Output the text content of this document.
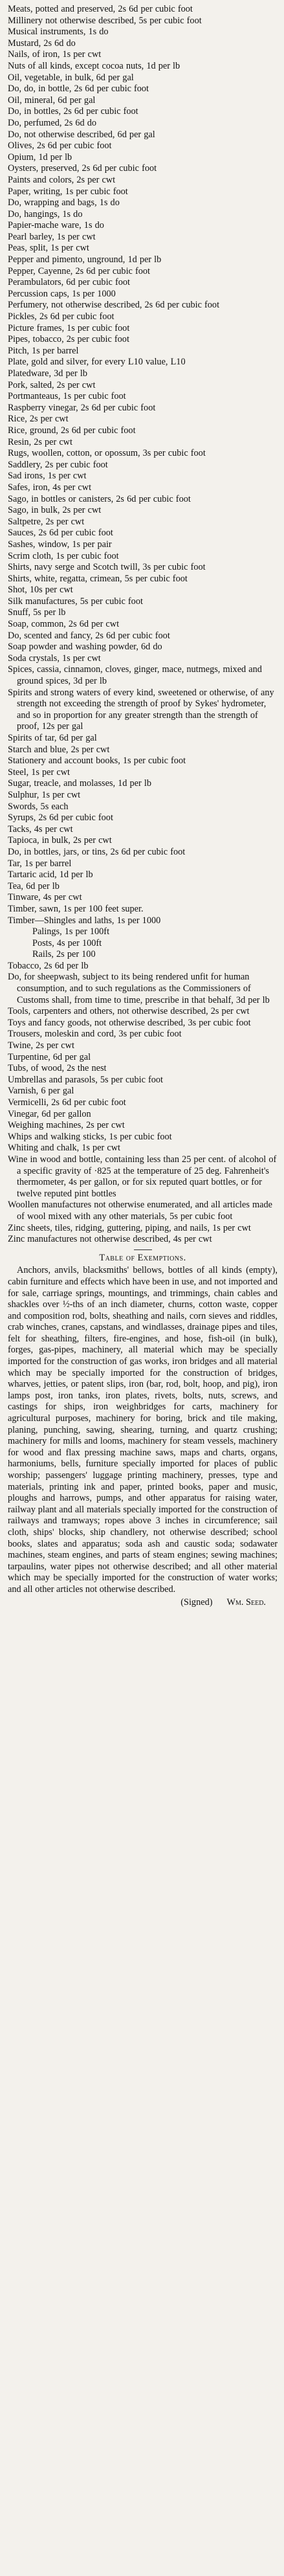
Meats, potted and preserved, 2s 6d per cubic foot
Millinery not otherwise described, 5s per cubic foot
Musical instruments, 1s do
Mustard, 2s 6d do
Nails, of iron, 1s per cwt
Nuts of all kinds, except cocoa nuts, 1d per lb
Oil, vegetable, in bulk, 6d per gal
Do, do, in bottle, 2s 6d per cubic foot
Oil, mineral, 6d per gal
Do, in bottles, 2s 6d per cubic foot
Do, perfumed, 2s 6d do
Do, not otherwise described, 6d per gal
Olives, 2s 6d per cubic foot
Opium, 1d per lb
Oysters, preserved, 2s 6d per cubic foot
Paints and colors, 2s per cwt
Paper, writing, 1s per cubic foot
Do, wrapping and bags, 1s do
Do, hangings, 1s do
Papier-mache ware, 1s do
Pearl barley, 1s per cwt
Peas, split, 1s per cwt
Pepper and pimento, unground, 1d per lb
Pepper, Cayenne, 2s 6d per cubic foot
Perambulators, 6d per cubic foot
Percussion caps, 1s per 1000
Perfumery, not otherwise described, 2s 6d per cubic foot
Pickles, 2s 6d per cubic foot
Picture frames, 1s per cubic foot
Pipes, tobacco, 2s per cubic foot
Pitch, 1s per barrel
Plate, gold and silver, for every L10 value, L10
Platedware, 3d per lb
Pork, salted, 2s per cwt
Portmanteaus, 1s per cubic foot
Raspberry vinegar, 2s 6d per cubic foot
Rice, 2s per cwt
Rice, ground, 2s 6d per cubic foot
Resin, 2s per cwt
Rugs, woollen, cotton, or opossum, 3s per cubic foot
Saddlery, 2s per cubic foot
Sad irons, 1s per cwt
Safes, iron, 4s per cwt
Sago, in bottles or canisters, 2s 6d per cubic foot
Sago, in bulk, 2s per cwt
Saltpetre, 2s per cwt
Sauces, 2s 6d per cubic foot
Sashes, window, 1s per pair
Scrim cloth, 1s per cubic foot
Shirts, navy serge and Scotch twill, 3s per cubic foot
Shirts, white, regatta, crimean, 5s per cubic foot
Shot, 10s per cwt
Silk manufactures, 5s per cubic foot
Snuff, 5s per lb
Soap, common, 2s 6d per cwt
Do, scented and fancy, 2s 6d per cubic foot
Soap powder and washing powder, 6d do
Soda crystals, 1s per cwt
Spices, cassia, cinnamon, cloves, ginger, mace, nutmegs, mixed and ground spices, 3d per lb
Spirits and strong waters of every kind, sweetened or otherwise, of any strength not exceeding the strength of proof by Sykes' hydrometer, and so in proportion for any greater strength than the strength of proof, 12s per gal
Spirits of tar, 6d per gal
Starch and blue, 2s per cwt
Stationery and account books, 1s per cubic foot
Steel, 1s per cwt
Sugar, treacle, and molasses, 1d per lb
Sulphur, 1s per cwt
Swords, 5s each
Syrups, 2s 6d per cubic foot
Tacks, 4s per cwt
Tapioca, in bulk, 2s per cwt
Do, in bottles, jars, or tins, 2s 6d per cubic foot
Tar, 1s per barrel
Tartaric acid, 1d per lb
Tea, 6d per lb
Tinware, 4s per cwt
Timber, sawn, 1s per 100 feet super.
Timber—Shingles and laths, 1s per 1000
Palings, 1s per 100ft
Posts, 4s per 100ft
Rails, 2s per 100
Tobacco, 2s 6d per lb
Do, for sheepwash, subject to its being rendered unfit for human consumption, and to such regulations as the Commissioners of Customs shall, from time to time, prescribe in that behalf, 3d per lb
Tools, carpenters and others, not otherwise described, 2s per cwt
Toys and fancy goods, not otherwise described, 3s per cubic foot
Trousers, moleskin and cord, 3s per cubic foot
Twine, 2s per cwt
Turpentine, 6d per gal
Tubs, of wood, 2s the nest
Umbrellas and parasols, 5s per cubic foot
Varnish, 6 per gal
Vermicelli, 2s 6d per cubic foot
Vinegar, 6d per gallon
Weighing machines, 2s per cwt
Whips and walking sticks, 1s per cubic foot
Whiting and chalk, 1s per cwt
Wine in wood and bottle, containing less than 25 per cent. of alcohol of a specific gravity of ·825 at the temperature of 25 deg. Fahrenheit's thermometer, 4s per gallon, or for six reputed quart bottles, or for twelve reputed pint bottles
Woollen manufactures not otherwise enumerated, and all articles made of wool mixed with any other materials, 5s per cubic foot
Zinc sheets, tiles, ridging, guttering, piping, and nails, 1s per cwt
Zinc manufactures not otherwise described, 4s per cwt
Table of Exemptions.

Anchors, anvils, blacksmiths' bellows, bottles of all kinds (empty), cabin furniture and effects which have been in use, and not imported and for sale, carriage springs, mountings, and trimmings, chain cables and shackles over ½-ths of an inch diameter, churns, cotton waste, copper and composition rod, bolts, sheathing and nails, corn sieves and riddles, crab winches, cranes, capstans, and windlasses, drainage pipes and tiles, felt for sheathing, filters, fire-engines, and hose, fish-oil (in bulk), forges, gas-pipes, machinery, all material which may be specially imported for the construction of gas works, iron bridges and all material which may be specially imported for the construction of bridges, wharves, jetties, or patent slips, iron (bar, rod, bolt, hoop, and pig), iron lamps post, iron tanks, iron plates, rivets, bolts, nuts, screws, and castings for ships, iron weighbridges for carts, machinery for agricultural purposes, machinery for boring, brick and tile making, planing, punching, sawing, shearing, turning, and quartz crushing; machinery for mills and looms, machinery for steam vessels, machinery for wood and flax pressing machine saws, maps and charts, organs, harmoniums, bells, furniture specially imported for places of public worship; passengers' luggage printing machinery, presses, type and materials, printing ink and paper, printed books, paper and music, ploughs and harrows, pumps, and other apparatus for raising water, railway plant and all materials specially imported for the construction of railways and tramways; ropes above 3 inches in circumference; sail cloth, ships' blocks, ship chandlery, not otherwise described; school books, slates and apparatus; soda ash and caustic soda; sodawater machines, steam engines, and parts of steam engines; sewing machines; tarpaulins, water pipes not otherwise described; and all other material which may be specially imported for the construction of water works; and all other articles not otherwise described.

(Signed) Wm. Seed.
